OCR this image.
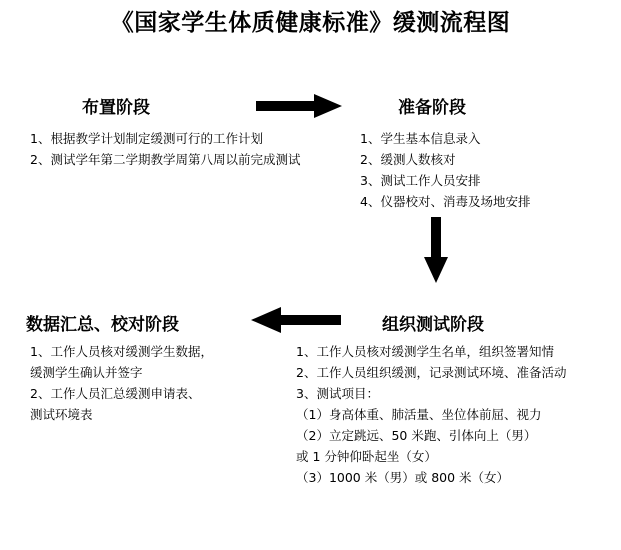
《国家学生体质健康标准》缓测流程图
布置阶段
1、根据教学计划制定缓测可行的工作计划
2、测试学年第二学期教学周第八周以前完成测试
准备阶段
1、学生基本信息录入
2、缓测人数核对
3、测试工作人员安排
4、仪器校对、消毒及场地安排
组织测试阶段
1、工作人员核对缓测学生名单，组织签署知情
2、工作人员组织缓测，记录测试环境、准备活动
3、测试项目：
（1）身高体重、肺活量、坐位体前屈、视力
（2）立定跳远、50 米跑、引体向上（男）
或 1 分钟仰卧起坐（女）
（3）1000 米（男）或 800 米（女）
数据汇总、校对阶段
1、工作人员核对缓测学生数据，
缓测学生确认并签字
2、工作人员汇总缓测申请表、
测试环境表
